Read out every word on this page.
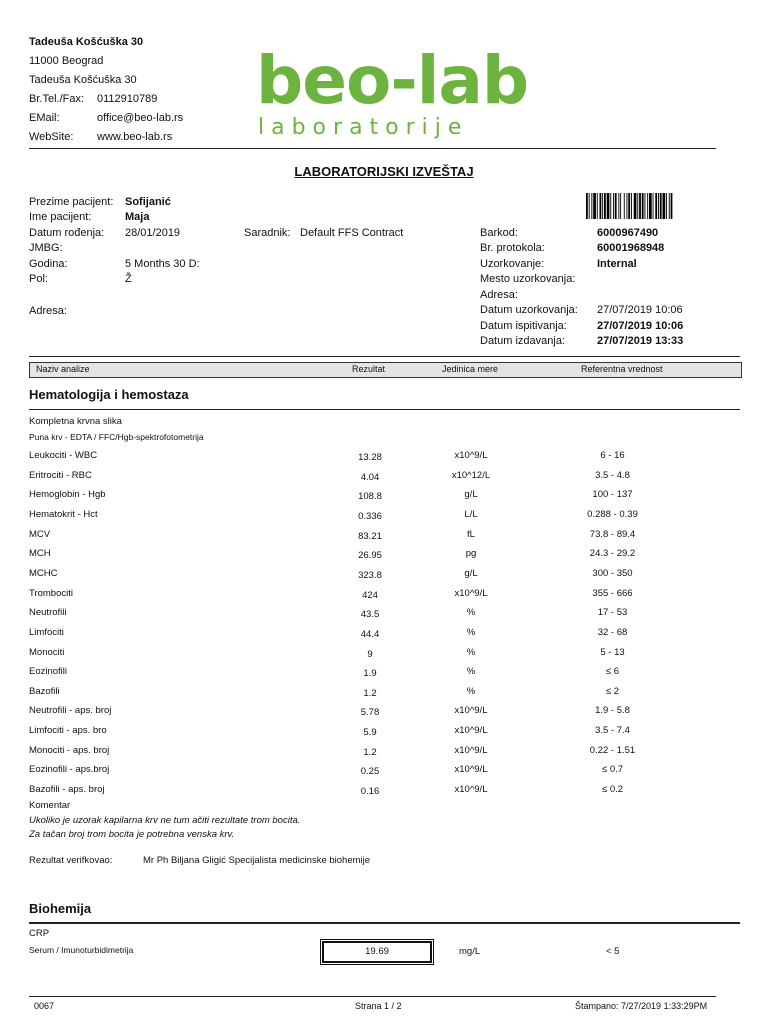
Tadeuša Košćuška 30
11000 Beograd
Tadeuša Košćuška 30
Br.Tel./Fax: 0112910789
EMail:	office@beo-lab.rs
WebSite: www.beo-lab.rs
beo-lab
laboratorije
LABORATORIJSKI IZVEŠTAJ
Prezime pacijent: Sofijanić
Ime pacijent:	Maja
Datum rođenja: 28/01/2019
JMBG:
Godina:	5 Months 30 D:
Pol:	Ž
Adresa:
Saradnik: Default FFS Contract	Barkod:	6000967490
Br. protokola:	60001968948
Uzorkovanje:	Internal
Mesto uzorkovanja:
Adresa:
Datum uzorkovanja: 27/07/2019 10:06
Datum ispitivanja:	27/07/2019 10:06
Datum izdavanja:	27/07/2019 13:33
Naziv analize	Rezultat	Jedinica mere	Referentna vrednost
Hematologija i hemostaza
Kompletna krvna slika
Puna krv - EDTA / FFC/Hgb-spektrofotometrija
Leukociti - WBC	13.28	x10^9/L	6 - 16
Eritrociti - RBC	4.04	x10^12/L	3.5 - 4.8
Hemoglobin - Hgb	108.8	g/L	100 - 137
Hematokrit - Hct	0.336	L/L	0.288 - 0.39
MCV	83.21	fL	73.8 - 89.4
MCH	26.95	pg	24.3 - 29.2
MCHC	323.8	g/L	300 - 350
Trombociti	424	x10^9/L	355 - 666
Neutrofili	43.5	%	17 - 53
Limfociti	44.4	%	32 - 68
Monociti	9	%	5 - 13
Eozinofili	1.9	%	≤ 6
Bazofili	1.2	%	≤ 2
Neutrofili - aps. broj	5.78	x10^9/L	1.9 - 5.8
Limfociti - aps. bro	5.9	x10^9/L	3.5 - 7.4
Monociti - aps. broj	1.2	x10^9/L	0.22 - 1.51
Eozinofili - aps.broj	0.25	x10^9/L	≤ 0.7
Bazofili - aps. broj	0.16	x10^9/L	≤ 0.2
Komentar
Ukoliko je uzorak kapilarna krv ne tum ačiti rezultate trom bocita.
Za tačan broj trom bocita je potrebna venska krv.
Rezultat verifkovao:	Mr Ph Biljana Gligić Specijalista medicinske biohemije
Biohemija
CRP
Serum / Imunoturbidimetrija	19.69	mg/L	< 5
0067	Strana 1 / 2	Štampano: 7/27/2019 1:33:29PM
